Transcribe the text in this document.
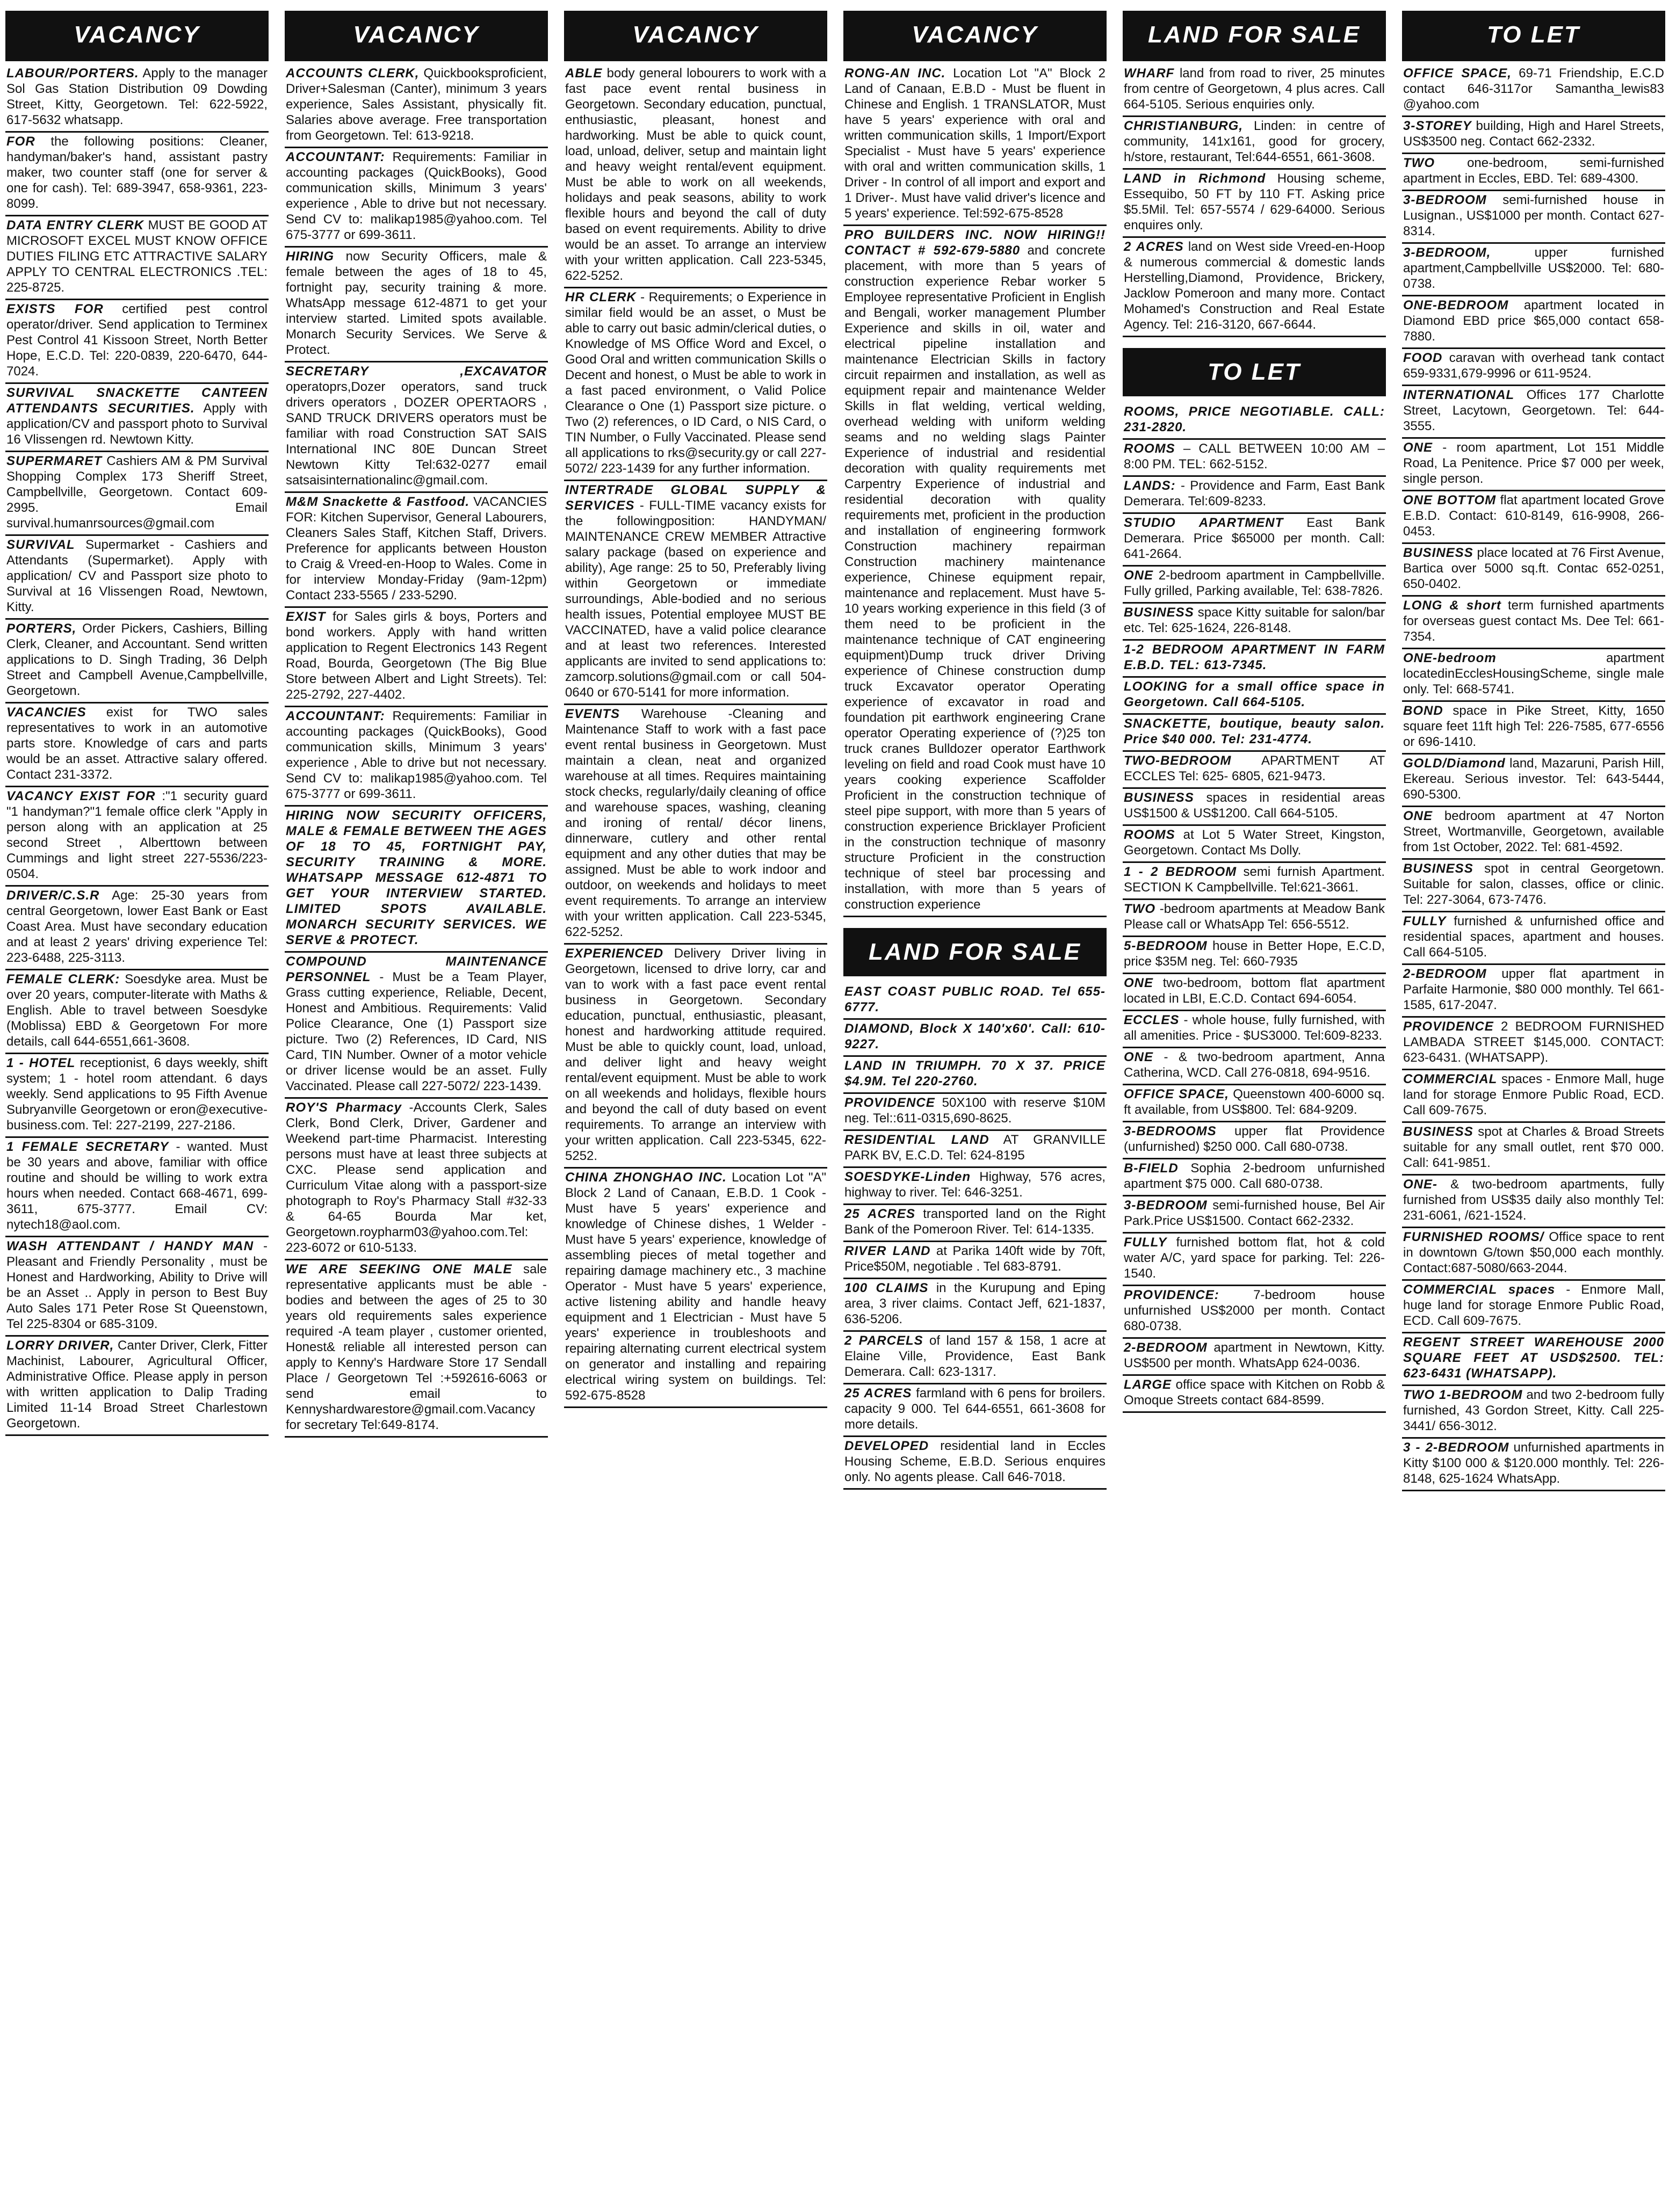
VACANCY
LABOUR/PORTERS. Apply to the manager Sol Gas Station Distribution 09 Dowding Street, Kitty, Georgetown. Tel: 622-5922, 617-5632 whatsapp.
FOR the following positions: Cleaner, handyman/baker's hand, assistant pastry maker, two counter staff (one for server & one for cash). Tel: 689-3947, 658-9361, 223-8099.
DATA ENTRY CLERK MUST BE GOOD AT MICROSOFT EXCEL MUST KNOW OFFICE DUTIES FILING ETC ATTRACTIVE SALARY APPLY TO CENTRAL ELECTRONICS .TEL: 225-8725.
EXISTS FOR certified pest control operator/driver. Send application to Terminex Pest Control 41 Kissoon Street, North Better Hope, E.C.D. Tel: 220-0839, 220-6470, 644-7024.
SURVIVAL SNACKETTE CANTEEN ATTENDANTS SECURITIES. Apply with application/CV and passport photo to Survival 16 Vlissengen rd. Newtown Kitty.
SUPERMARET Cashiers AM & PM Survival Shopping Complex 173 Sheriff Street, Campbellville, Georgetown. Contact 609-2995. Email survival.humanrsources@gmail.com
SURVIVAL Supermarket - Cashiers and Attendants (Supermarket). Apply with application/ CV and Passport size photo to Survival at 16 Vlissengen Road, Newtown, Kitty.
PORTERS, Order Pickers, Cashiers, Billing Clerk, Cleaner, and Accountant. Send written applications to D. Singh Trading, 36 Delph Street and Campbell Avenue,Campbellville, Georgetown.
VACANCIES exist for TWO sales representatives to work in an automotive parts store. Knowledge of cars and parts would be an asset. Attractive salary offered. Contact 231-3372.
VACANCY EXIST FOR :"1 security guard "1 handyman?"1 female office clerk "Apply in person along with an application at 25 second Street , Alberttown between Cummings and light street 227-5536/223-0504.
DRIVER/C.S.R Age: 25-30 years from central Georgetown, lower East Bank or East Coast Area. Must have secondary education and at least 2 years' driving experience Tel: 223-6488, 225-3113.
FEMALE CLERK: Soesdyke area. Must be over 20 years, computer-literate with Maths & English. Able to travel between Soesdyke (Moblissa) EBD & Georgetown For more details, call 644-6551,661-3608.
1 - HOTEL receptionist, 6 days weekly, shift system; 1 - hotel room attendant. 6 days weekly. Send applications to 95 Fifth Avenue Subryanville Georgetown or eron@executive-business.com. Tel: 227-2199, 227-2186.
1 FEMALE SECRETARY - wanted. Must be 30 years and above, familiar with office routine and should be willing to work extra hours when needed. Contact 668-4671, 699-3611, 675-3777. Email CV: nytech18@aol.com.
WASH ATTENDANT / HANDY MAN - Pleasant and Friendly Personality , must be Honest and Hardworking, Ability to Drive will be an Asset .. Apply in person to Best Buy Auto Sales 171 Peter Rose St Queenstown, Tel 225-8304 or 685-3109.
LORRY DRIVER, Canter Driver, Clerk, Fitter Machinist, Labourer, Agricultural Officer, Administrative Office. Please apply in person with written application to Dalip Trading Limited 11-14 Broad Street Charlestown Georgetown.
VACANCY
ACCOUNTS CLERK, Quickbooksproficient, Driver+Salesman (Canter), minimum 3 years experience, Sales Assistant, physically fit. Salaries above average. Free transportation from Georgetown. Tel: 613-9218.
ACCOUNTANT: Requirements: Familiar in accounting packages (QuickBooks), Good communication skills, Minimum 3 years' experience , Able to drive but not necessary. Send CV to: malikap1985@yahoo.com. Tel 675-3777 or 699-3611.
HIRING now Security Officers, male & female between the ages of 18 to 45, fortnight pay, security training & more. WhatsApp message 612-4871 to get your interview started. Limited spots available. Monarch Security Services. We Serve & Protect.
SECRETARY ,EXCAVATOR operatoprs,Dozer operators, sand truck drivers operators , DOZER OPERTAORS , SAND TRUCK DRIVERS operators must be familiar with road Construction SAT SAIS International INC 80E Duncan Street Newtown Kitty Tel:632-0277 email satsaisinternationalinc@gmail.com.
M&M Snackette & Fastfood. VACANCIES FOR: Kitchen Supervisor, General Labourers, Cleaners Sales Staff, Kitchen Staff, Drivers. Preference for applicants between Houston to Craig & Vreed-en-Hoop to Wales. Come in for interview Monday-Friday (9am-12pm) Contact 233-5565 / 233-5290.
EXIST for Sales girls & boys, Porters and bond workers. Apply with hand written application to Regent Electronics 143 Regent Road, Bourda, Georgetown (The Big Blue Store between Albert and Light Streets). Tel: 225-2792, 227-4402.
ACCOUNTANT: Requirements: Familiar in accounting packages (QuickBooks), Good communication skills, Minimum 3 years' experience , Able to drive but not necessary. Send CV to: malikap1985@yahoo.com. Tel 675-3777 or 699-3611.
HIRING NOW SECURITY OFFICERS, MALE & FEMALE BETWEEN THE AGES OF 18 TO 45, FORTNIGHT PAY, SECURITY TRAINING & MORE. WHATSAPP MESSAGE 612-4871 TO GET YOUR INTERVIEW STARTED. LIMITED SPOTS AVAILABLE. MONARCH SECURITY SERVICES. WE SERVE & PROTECT.
COMPOUND MAINTENANCE PERSONNEL - Must be a Team Player, Grass cutting experience, Reliable, Decent, Honest and Ambitious. Requirements: Valid Police Clearance, One (1) Passport size picture. Two (2) References, ID Card, NIS Card, TIN Number. Owner of a motor vehicle or driver license would be an asset. Fully Vaccinated. Please call 227-5072/ 223-1439.
ROY'S Pharmacy -Accounts Clerk, Sales Clerk, Bond Clerk, Driver, Gardener and Weekend part-time Pharmacist. Interesting persons must have at least three subjects at CXC. Please send application and Curriculum Vitae along with a passport-size photograph to Roy's Pharmacy Stall #32-33 & 64-65 Bourda Mar ket, Georgetown.roypharm03@yahoo.com.Tel: 223-6072 or 610-5133.
WE ARE SEEKING ONE MALE sale representative applicants must be able - bodies and between the ages of 25 to 30 years old requirements sales experience required -A team player , customer oriented, Honest& reliable all interested person can apply to Kenny's Hardware Store 17 Sendall Place / Georgetown Tel :+592616-6063 or send email to Kennyshardwarestore@gmail.com.Vacancy for secretary Tel:649-8174.
VACANCY
ABLE body general lobourers to work with a fast pace event rental business in Georgetown. Secondary education, punctual, enthusiastic, pleasant, honest and hardworking. Must be able to quick count, load, unload, deliver, setup and maintain light and heavy weight rental/event equipment. Must be able to work on all weekends, holidays and peak seasons, ability to work flexible hours and beyond the call of duty based on event requirements. Ability to drive would be an asset. To arrange an interview with your written application. Call 223-5345, 622-5252.
HR CLERK - Requirements; o Experience in similar field would be an asset, o Must be able to carry out basic admin/clerical duties, o Knowledge of MS Office Word and Excel, o Good Oral and written communication Skills o Decent and honest, o Must be able to work in a fast paced environment, o Valid Police Clearance o One (1) Passport size picture. o Two (2) references, o ID Card, o NIS Card, o TIN Number, o Fully Vaccinated. Please send all applications to rks@security.gy or call 227-5072/ 223-1439 for any further information.
INTERTRADE GLOBAL SUPPLY & SERVICES - FULL-TIME vacancy exists for the followingposition: HANDYMAN/ MAINTENANCE CREW MEMBER Attractive salary package (based on experience and ability), Age range: 25 to 50, Preferably living within Georgetown or immediate surroundings, Able-bodied and no serious health issues, Potential employee MUST BE VACCINATED, have a valid police clearance and at least two references. Interested applicants are invited to send applications to: zamcorp.solutions@gmail.com or call 504-0640 or 670-5141 for more information.
EVENTS Warehouse -Cleaning and Maintenance Staff to work with a fast pace event rental business in Georgetown. Must maintain a clean, neat and organized warehouse at all times. Requires maintaining stock checks, regularly/daily cleaning of office and warehouse spaces, washing, cleaning and ironing of rental/ décor linens, dinnerware, cutlery and other rental equipment and any other duties that may be assigned. Must be able to work indoor and outdoor, on weekends and holidays to meet event requirements. To arrange an interview with your written application. Call 223-5345, 622-5252.
EXPERIENCED Delivery Driver living in Georgetown, licensed to drive lorry, car and van to work with a fast pace event rental business in Georgetown. Secondary education, punctual, enthusiastic, pleasant, honest and hardworking attitude required. Must be able to quickly count, load, unload, and deliver light and heavy weight rental/event equipment. Must be able to work on all weekends and holidays, flexible hours and beyond the call of duty based on event requirements. To arrange an interview with your written application. Call 223-5345, 622-5252.
CHINA ZHONGHAO INC. Location Lot "A" Block 2 Land of Canaan, E.B.D. 1 Cook - Must have 5 years' experience and knowledge of Chinese dishes, 1 Welder - Must have 5 years' experience, knowledge of assembling pieces of metal together and repairing damage machinery etc., 3 machine Operator - Must have 5 years' experience, active listening ability and handle heavy equipment and 1 Electrician - Must have 5 years' experience in troubleshoots and repairing alternating current electrical system on generator and installing and repairing electrical wiring system on buildings. Tel: 592-675-8528
VACANCY
RONG-AN INC. Location Lot "A" Block 2 Land of Canaan, E.B.D - Must be fluent in Chinese and English. 1 TRANSLATOR, Must have 5 years' experience with oral and written communication skills, 1 Import/Export Specialist - Must have 5 years' experience with oral and written communication skills, 1 Driver - In control of all import and export and 1 Driver-. Must have valid driver's licence and 5 years' experience. Tel:592-675-8528
PRO BUILDERS INC. NOW HIRING!! CONTACT # 592-679-5880 and concrete placement, with more than 5 years of construction experience Rebar worker 5 Employee representative Proficient in English and Bengali, worker management Plumber Experience and skills in oil, water and electrical pipeline installation and maintenance Electrician Skills in factory circuit repairmen and installation, as well as equipment repair and maintenance Welder Skills in flat welding, vertical welding, overhead welding with uniform welding seams and no welding slags Painter Experience of industrial and residential decoration with quality requirements met Carpentry Experience of industrial and residential decoration with quality requirements met, proficient in the production and installation of engineering formwork Construction machinery repairman Construction machinery maintenance experience, Chinese equipment repair, maintenance and replacement. Must have 5-10 years working experience in this field (3 of them need to be proficient in the maintenance technique of CAT engineering equipment)Dump truck driver Driving experience of Chinese construction dump truck Excavator operator Operating experience of excavator in road and foundation pit earthwork engineering Crane operator Operating experience of (?)25 ton truck cranes Bulldozer operator Earthwork leveling on field and road Cook must have 10 years cooking experience Scaffolder Proficient in the construction technique of steel pipe support, with more than 5 years of construction experience Bricklayer Proficient in the construction technique of masonry structure Proficient in the construction technique of steel bar processing and installation, with more than 5 years of construction experience
LAND FOR SALE
EAST COAST PUBLIC ROAD. Tel 655-6777.
DIAMOND, Block X 140'x60'. Call: 610-9227.
LAND IN TRIUMPH. 70 X 37. PRICE $4.9M. Tel 220-2760.
PROVIDENCE 50X100 with reserve $10M neg. Tel::611-0315,690-8625.
RESIDENTIAL LAND AT GRANVILLE PARK BV, E.C.D. Tel: 624-8195
SOESDYKE-Linden Highway, 576 acres, highway to river. Tel: 646-3251.
25 ACRES transported land on the Right Bank of the Pomeroon River. Tel: 614-1335.
RIVER LAND at Parika 140ft wide by 70ft, Price$50M, negotiable . Tel 683-8791.
100 CLAIMS in the Kurupung and Eping area, 3 river claims. Contact Jeff, 621-1837, 636-5206.
2 PARCELS of land 157 & 158, 1 acre at Elaine Ville, Providence, East Bank Demerara. Call: 623-1317.
25 ACRES farmland with 6 pens for broilers. capacity 9 000. Tel 644-6551, 661-3608 for more details.
DEVELOPED residential land in Eccles Housing Scheme, E.B.D. Serious enquires only. No agents please. Call 646-7018.
LAND FOR SALE
WHARF land from road to river, 25 minutes from centre of Georgetown, 4 plus acres. Call 664-5105. Serious enquiries only.
CHRISTIANBURG, Linden: in centre of community, 141x161, good for grocery, h/store, restaurant, Tel:644-6551, 661-3608.
LAND in Richmond Housing scheme, Essequibo, 50 FT by 110 FT. Asking price $5.5Mil. Tel: 657-5574 / 629-64000. Serious enquires only.
2 ACRES land on West side Vreed-en-Hoop & numerous commercial & domestic lands Herstelling,Diamond, Providence, Brickery, Jacklow Pomeroon and many more. Contact Mohamed's Construction and Real Estate Agency. Tel: 216-3120, 667-6644.
TO LET
ROOMS, PRICE NEGOTIABLE. CALL: 231-2820.
ROOMS – CALL BETWEEN 10:00 AM – 8:00 PM. TEL: 662-5152.
LANDS: - Providence and Farm, East Bank Demerara. Tel:609-8233.
STUDIO APARTMENT East Bank Demerara. Price $65000 per month. Call: 641-2664.
ONE 2-bedroom apartment in Campbellville. Fully grilled, Parking available, Tel: 638-7826.
BUSINESS space Kitty suitable for salon/bar etc. Tel: 625-1624, 226-8148.
1-2 BEDROOM APARTMENT IN FARM E.B.D. TEL: 613-7345.
LOOKING for a small office space in Georgetown. Call 664-5105.
SNACKETTE, boutique, beauty salon. Price $40 000. Tel: 231-4774.
TWO-BEDROOM APARTMENT AT ECCLES Tel: 625- 6805, 621-9473.
BUSINESS spaces in residential areas US$1500 & US$1200. Call 664-5105.
ROOMS at Lot 5 Water Street, Kingston, Georgetown. Contact Ms Dolly.
1 - 2 BEDROOM semi furnish Apartment. SECTION K Campbellville. Tel:621-3661.
TWO -bedroom apartments at Meadow Bank Please call or WhatsApp Tel: 656-5512.
5-BEDROOM house in Better Hope, E.C.D, price $35M neg. Tel: 660-7935
ONE two-bedroom, bottom flat apartment located in LBI, E.C.D. Contact 694-6054.
ECCLES - whole house, fully furnished, with all amenities. Price - $US3000. Tel:609-8233.
ONE - & two-bedroom apartment, Anna Catherina, WCD. Call 276-0818, 694-9516.
OFFICE SPACE, Queenstown 400-6000 sq. ft available, from US$800. Tel: 684-9209.
3-BEDROOMS upper flat Providence (unfurnished) $250 000. Call 680-0738.
B-FIELD Sophia 2-bedroom unfurnished apartment $75 000. Call 680-0738.
3-BEDROOM semi-furnished house, Bel Air Park.Price US$1500. Contact 662-2332.
FULLY furnished bottom flat, hot & cold water A/C, yard space for parking. Tel: 226-1540.
PROVIDENCE:	7-bedroom house unfurnished US$2000 per month. Contact 680-0738.
2-BEDROOM apartment in Newtown, Kitty. US$500 per month. WhatsApp 624-0036.
LARGE office space with Kitchen on Robb & Omoque Streets contact 684-8599.
TO LET
OFFICE SPACE, 69-71 Friendship, E.C.D contact 646-3117or Samantha_lewis83 @yahoo.com
3-STOREY building, High and Harel Streets, US$3500 neg. Contact 662-2332.
TWO	one-bedroom, semi-furnished apartment in Eccles, EBD. Tel: 689-4300.
3-BEDROOM semi-furnished house in Lusignan., US$1000 per month. Contact 627-8314.
3-BEDROOM,	upper furnished apartment,Campbellville US$2000. Tel: 680-0738.
ONE-BEDROOM apartment located in Diamond EBD price $65,000 contact 658-7880.
FOOD caravan with overhead tank contact 659-9331,679-9996 or 611-9524.
INTERNATIONAL Offices 177 Charlotte Street, Lacytown, Georgetown. Tel: 644-3555.
ONE - room apartment, Lot 151 Middle Road, La Penitence. Price $7 000 per week, single person.
ONE BOTTOM flat apartment located Grove E.B.D. Contact: 610-8149, 616-9908, 266-0453.
BUSINESS place located at 76 First Avenue, Bartica over 5000 sq.ft. Contac 652-0251, 650-0402.
LONG & short term furnished apartments for overseas guest contact Ms. Dee Tel: 661-7354.
ONE-bedroom	apartment locatedinEcclesHousingScheme, single male only. Tel: 668-5741.
BOND space in Pike Street, Kitty, 1650 square feet 11ft high Tel: 226-7585, 677-6556 or 696-1410.
GOLD/Diamond land, Mazaruni, Parish Hill, Ekereau. Serious investor. Tel: 643-5444, 690-5300.
ONE bedroom apartment at 47 Norton Street, Wortmanville, Georgetown, available from 1st October, 2022. Tel: 681-4592.
BUSINESS spot in central Georgetown. Suitable for salon, classes, office or clinic. Tel: 227-3064, 673-7476.
FULLY furnished & unfurnished office and residential spaces, apartment and houses. Call 664-5105.
2-BEDROOM upper flat apartment in Parfaite Harmonie, $80 000 monthly. Tel 661-1585, 617-2047.
PROVIDENCE 2 BEDROOM FURNISHED LAMBADA STREET $145,000. CONTACT: 623-6431. (WHATSAPP).
COMMERCIAL spaces - Enmore Mall, huge land for storage Enmore Public Road, ECD. Call 609-7675.
BUSINESS spot at Charles & Broad Streets suitable for any small outlet, rent $70 000. Call: 641-9851.
ONE- & two-bedroom apartments, fully furnished from US$35 daily also monthly Tel: 231-6061, /621-1524.
FURNISHED ROOMS/ Office space to rent in downtown G/town $50,000 each monthly. Contact:687-5080/663-2044.
COMMERCIAL spaces - Enmore Mall, huge land for storage Enmore Public Road, ECD. Call 609-7675.
REGENT STREET WAREHOUSE 2000 SQUARE FEET AT USD$2500. TEL: 623-6431 (WHATSAPP).
TWO 1-BEDROOM and two 2-bedroom fully furnished, 43 Gordon Street, Kitty. Call 225- 3441/ 656-3012.
3 - 2-BEDROOM unfurnished apartments in Kitty $100 000 & $120.000 monthly. Tel: 226-8148, 625-1624 WhatsApp.
